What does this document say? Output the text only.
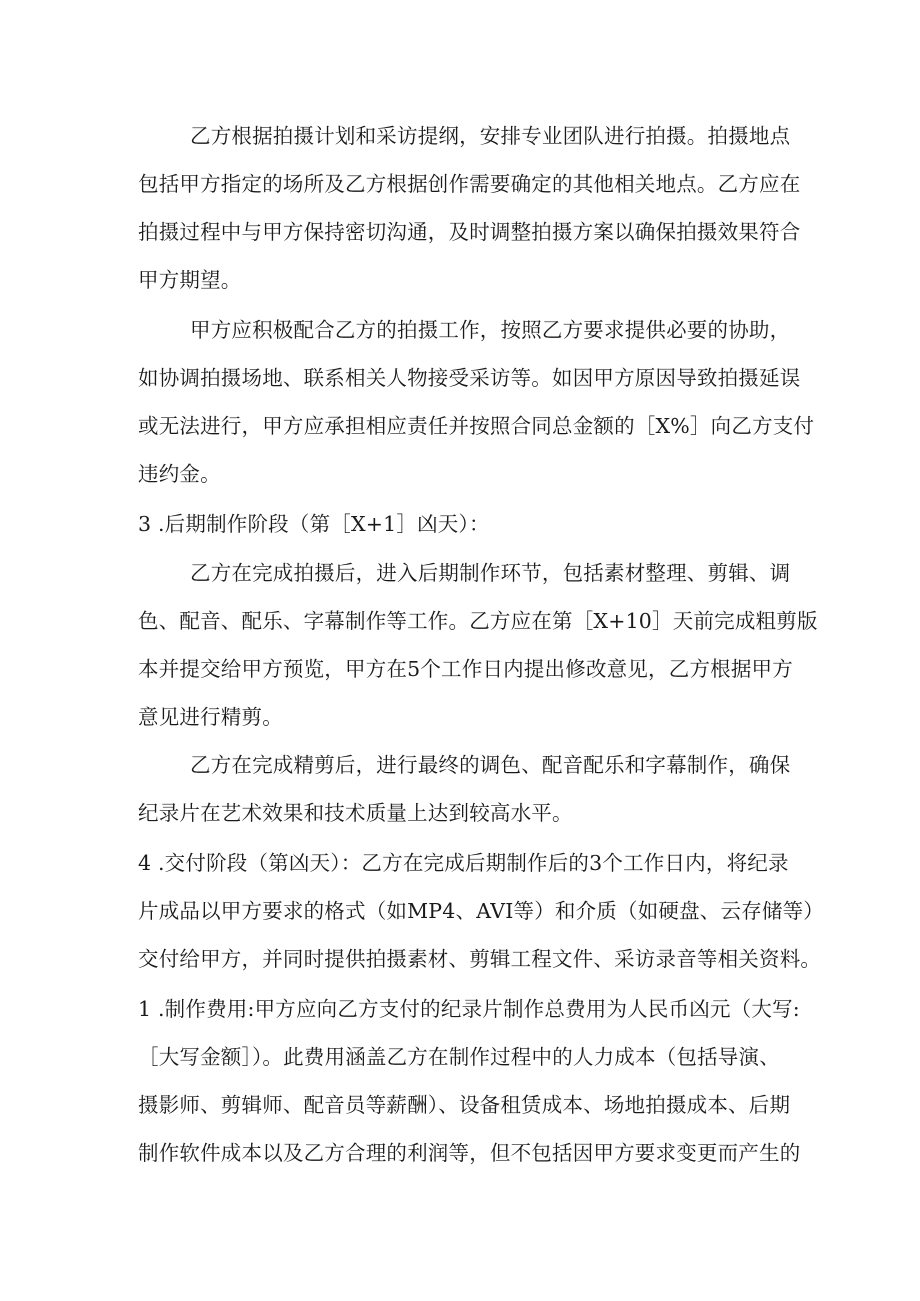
乙方根据拍摄计划和采访提纲，安排专业团队进行拍摄。拍摄地点
包括甲方指定的场所及乙方根据创作需要确定的其他相关地点。乙方应在
拍摄过程中与甲方保持密切沟通，及时调整拍摄方案以确保拍摄效果符合
甲方期望。
甲方应积极配合乙方的拍摄工作，按照乙方要求提供必要的协助，
如协调拍摄场地、联系相关人物接受采访等。如因甲方原因导致拍摄延误
或无法进行，甲方应承担相应责任并按照合同总金额的［X%］向乙方支付
违约金。
3 .后期制作阶段（第［X+1］凶天）：
乙方在完成拍摄后，进入后期制作环节，包括素材整理、剪辑、调
色、配音、配乐、字幕制作等工作。乙方应在第［X+10］天前完成粗剪版
本并提交给甲方预览，甲方在5个工作日内提出修改意见，乙方根据甲方
意见进行精剪。
乙方在完成精剪后，进行最终的调色、配音配乐和字幕制作，确保
纪录片在艺术效果和技术质量上达到较高水平。
4 .交付阶段（第凶天）：乙方在完成后期制作后的3个工作日内，将纪录
片成品以甲方要求的格式（如MP4、AVI等）和介质（如硬盘、云存储等）
交付给甲方，并同时提供拍摄素材、剪辑工程文件、采访录音等相关资料。
1 .制作费用:甲方应向乙方支付的纪录片制作总费用为人民币凶元（大写:
［大写金额］）。此费用涵盖乙方在制作过程中的人力成本（包括导演、
摄影师、剪辑师、配音员等薪酬）、设备租赁成本、场地拍摄成本、后期
制作软件成本以及乙方合理的利润等，但不包括因甲方要求变更而产生的
